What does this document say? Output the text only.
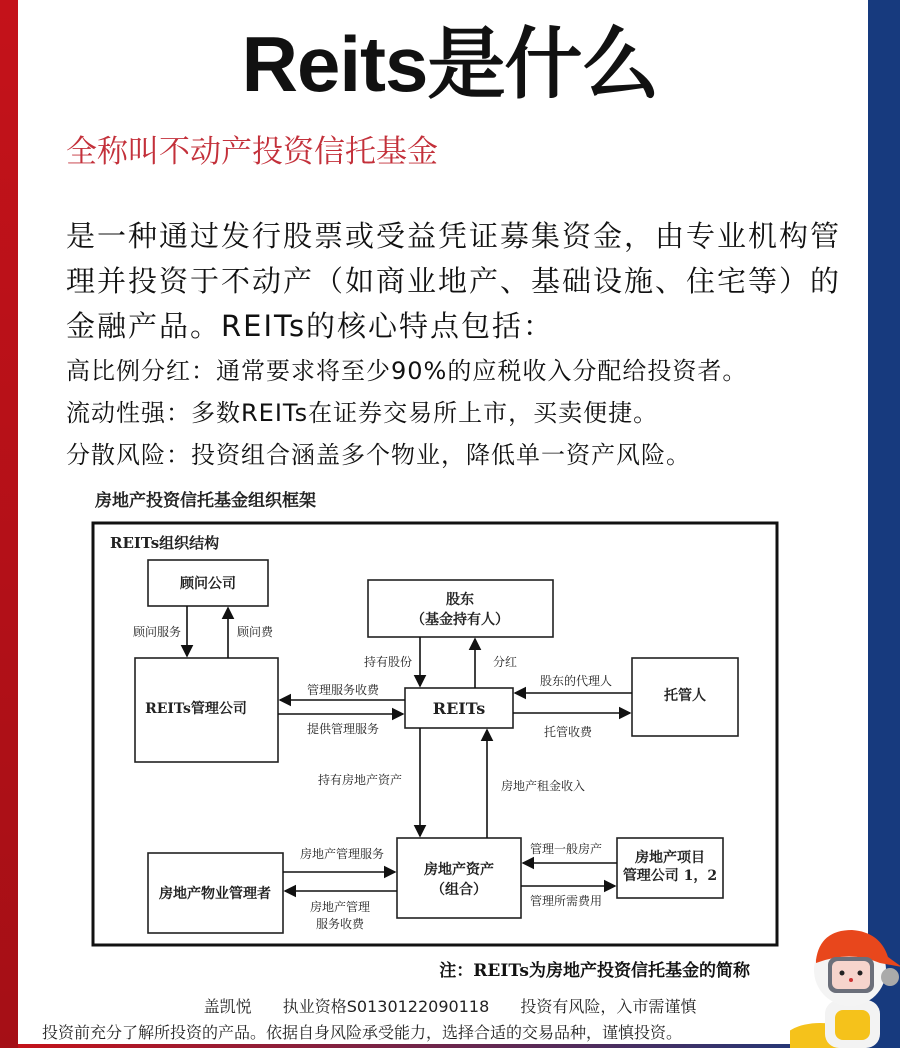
Reits是什么
全称叫不动产投资信托基金
是一种通过发行股票或受益凭证募集资金，由专业机构管理并投资于不动产（如商业地产、基础设施、住宅等）的金融产品。REITs的核心特点包括：
高比例分红：通常要求将至少90%的应税收入分配给投资者。
流动性强：多数REITs在证券交易所上市，买卖便捷。
分散风险：投资组合涵盖多个物业，降低单一资产风险。
房地产投资信托基金组织框架
REITs组织结构
顾问公司
股东
（基金持有人）
REITs管理公司	REITs
托管人
房地产资产
（组合）
房地产物业管理者
房地产项目
管理公司 1，2
顾问服务	顾问费
持有股份	分红
管理服务收费
提供管理服务
股东的代理人
托管收费
持有房地产资产	房地产租金收入
房地产管理服务
房地产管理
服务收费
管理一般房产
管理所需费用
注：REITs为房地产投资信托基金的简称
盖凯悦 执业资格S0130122090118 投资有风险，入市需谨慎
投资前充分了解所投资的产品。依据自身风险承受能力，选择合适的交易品种，谨慎投资。
